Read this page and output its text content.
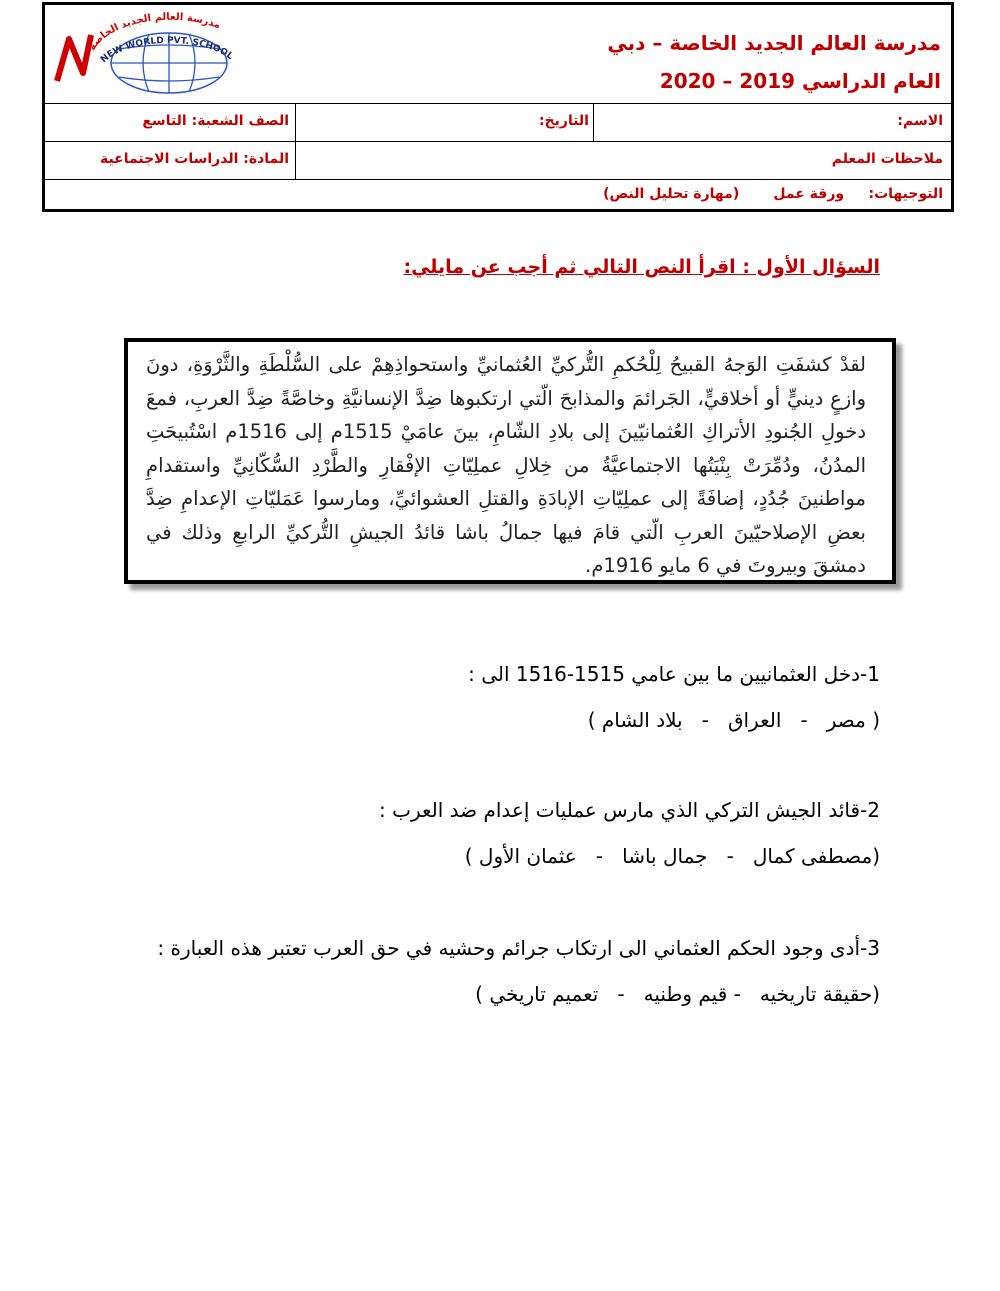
مدرسة العالم الجديد الخاصة
NEW WORLD PVT. SCHOOL
مدرسة العالم الجديد الخاصة – دبي
العام الدراسي 2019 – 2020
الاسم:
التاريخ:
الصف الشعبة: التاسع
ملاحظات المعلم
المادة: الدراسات الاجتماعية
التوجيهات:     ورقة عمل       (مهارة تحليل النص)
السؤال الأول : اقرأ النص التالي ثم أجب عن مايلي:

لقدْ كشفَتِ الوَجهُ القبيحُ لِلْحُكمِ التُّركيِّ العُثمانيِّ واستحواذِهِمْ على السُّلْطَةِ والثَّرْوَةِ، دونَ وازعٍ دينيٍّ أو أخلاقيٍّ، الجَرائمَ والمذابحَ الّتي ارتكبوها ضِدَّ الإنسانيَّةِ وخاصَّةً ضِدَّ العربِ، فمعَ دخولِ الجُنودِ الأتراكِ العُثمانيّينَ إلى بلادِ الشّامِ، بينَ عامَيْ 1515م إلى 1516م اسْتُبيحَتِ المدُنُ، ودُمِّرَتْ بِنْيَتُها الاجتماعيَّةُ من خِلالِ عملِيّاتِ الإفْقارِ والطَّرْدِ السُّكّانِيِّ واستقدامِ مواطنينَ جُدُدٍ، إضافَةً إلى عملِيّاتِ الإبادَةِ والقتلِ العشوائيِّ، ومارسوا عَمَليّاتِ الإعدامِ ضِدَّ بعضِ الإصلاحيّينَ العربِ الّتي قامَ فيها جمالُ باشا قائدُ الجيشِ التُّركيِّ الرابعِ وذلك في دمشقَ وبيروتَ في 6 مايو 1916م.

1-دخل العثمانيين ما بين عامي 1515-1516 الى :
( مصر   -   العراق   -   بلاد الشام )
2-قائد الجيش التركي الذي مارس عمليات إعدام ضد العرب :
(مصطفى كمال   -   جمال باشا   -   عثمان الأول )
3-أدى وجود الحكم العثماني الى ارتكاب جرائم وحشيه في حق العرب تعتبر هذه العبارة :
(حقيقة تاريخيه   - قيم وطنيه   -   تعميم تاريخي )
